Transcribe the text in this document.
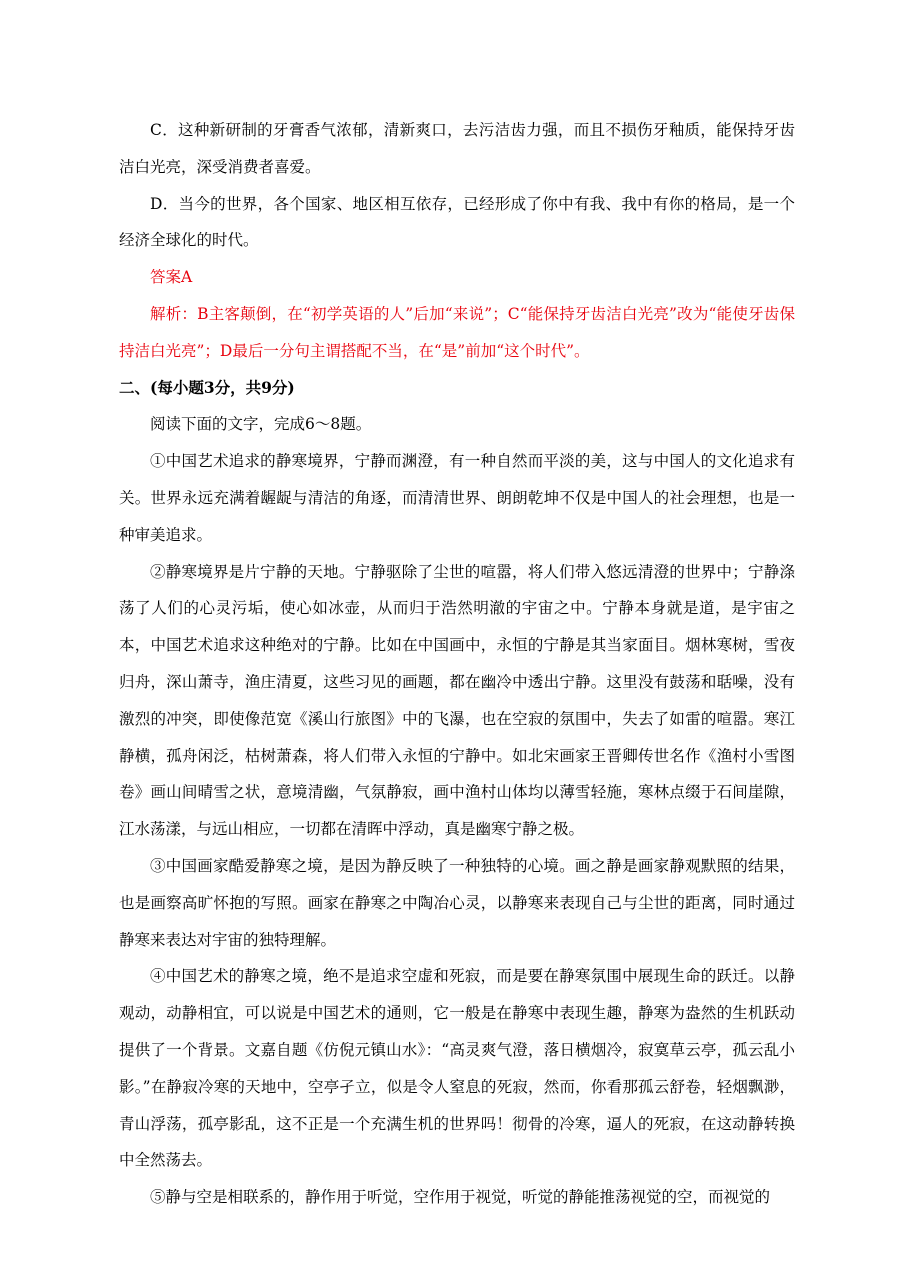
C．这种新研制的牙膏香气浓郁，清新爽口，去污洁齿力强，而且不损伤牙釉质，能保持牙齿洁白光亮，深受消费者喜爱。

D．当今的世界，各个国家、地区相互依存，已经形成了你中有我、我中有你的格局，是一个经济全球化的时代。

答案A

解析：B主客颠倒，在“初学英语的人”后加“来说”；C“能保持牙齿洁白光亮”改为“能使牙齿保持洁白光亮”；D最后一分句主谓搭配不当，在“是”前加“这个时代”。

二、(每小题3分，共9分)

阅读下面的文字，完成6～8题。

①中国艺术追求的静寒境界，宁静而渊澄，有一种自然而平淡的美，这与中国人的文化追求有关。世界永远充满着龌龊与清洁的角逐，而清清世界、朗朗乾坤不仅是中国人的社会理想，也是一种审美追求。

②静寒境界是片宁静的天地。宁静驱除了尘世的喧嚣，将人们带入悠远清澄的世界中；宁静涤荡了人们的心灵污垢，使心如冰壶，从而归于浩然明澈的宇宙之中。宁静本身就是道，是宇宙之本，中国艺术追求这种绝对的宁静。比如在中国画中，永恒的宁静是其当家面目。烟林寒树，雪夜归舟，深山萧寺，渔庄清夏，这些习见的画题，都在幽冷中透出宁静。这里没有鼓荡和聒噪，没有激烈的冲突，即使像范宽《溪山行旅图》中的飞瀑，也在空寂的氛围中，失去了如雷的喧嚣。寒江静横，孤舟闲泛，枯树萧森，将人们带入永恒的宁静中。如北宋画家王晋卿传世名作《渔村小雪图卷》画山间晴雪之状，意境清幽，气氛静寂，画中渔村山体均以薄雪轻施，寒林点缀于石间崖隙，江水荡漾，与远山相应，一切都在清晖中浮动，真是幽寒宁静之极。

③中国画家酷爱静寒之境，是因为静反映了一种独特的心境。画之静是画家静观默照的结果，也是画察高旷怀抱的写照。画家在静寒之中陶冶心灵，以静寒来表现自己与尘世的距离，同时通过静寒来表达对宇宙的独特理解。

④中国艺术的静寒之境，绝不是追求空虚和死寂，而是要在静寒氛围中展现生命的跃迁。以静观动，动静相宜，可以说是中国艺术的通则，它一般是在静寒中表现生趣，静寒为盎然的生机跃动提供了一个背景。文嘉自题《仿倪元镇山水》：“高灵爽气澄，落日横烟冷，寂寞草云亭，孤云乱小影。”在静寂冷寒的天地中，空亭孑立，似是令人窒息的死寂，然而，你看那孤云舒卷，轻烟飘渺，青山浮荡，孤亭影乱，这不正是一个充满生机的世界吗！彻骨的冷寒，逼人的死寂，在这动静转换中全然荡去。

⑤静与空是相联系的，静作用于听觉，空作用于视觉，听觉的静能推荡视觉的空，而视觉的
